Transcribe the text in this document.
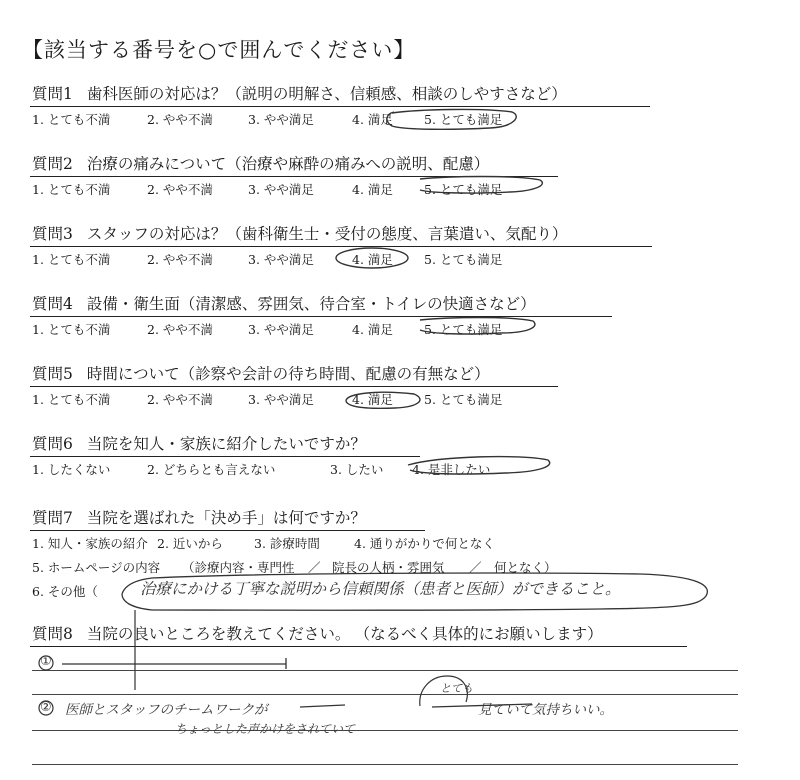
【該当する番号を○で囲んでください】
質問1 歯科医師の対応は？（説明の明解さ、信頼感、相談のしやすさなど）
1. とても不満	2. やや不満	3. やや満足	4. 満足 5. とても満足
質問2 治療の痛みについて（治療や麻酔の痛みへの説明、配慮）
1. とても不満	2. やや不満	3. やや満足	4. 満足 5. とても満足
質問3 スタッフの対応は？（歯科衛生士・受付の態度、言葉遣い、気配り）
1. とても不満	2. やや不満	3. やや満足	4. 満足 5. とても満足
質問4 設備・衛生面（清潔感、雰囲気、待合室・トイレの快適さなど）
1. とても不満	2. やや不満	3. やや満足	4. 満足 5. とても満足
質問5 時間について（診察や会計の待ち時間、配慮の有無など）
1. とても不満	2. やや不満	3. やや満足	4. 満足 5. とても満足
質問6 当院を知人・家族に紹介したいですか？
1. したくない	2. どちらとも言えない	3. したい 4. 是非したい
質問7 当院を選ばれた「決め手」は何ですか？
1. 知人・家族の紹介 2. 近いから 3. 診療時間	4. 通りがかりで何となく
5. ホームページの内容 （診療内容・専門性 ／ 院長の人柄・雰囲気 ／ 何となく）
6. その他（	治療にかける丁寧な説明から信頼関係（患者と医師）ができること。
質問8 当院の良いところを教えてください。 （なるべく具体的にお願いします）
①
② 医師とスタッフのチームワークが
とても
見ていて気持ちいい。
ちょっとした声かけをされていて
